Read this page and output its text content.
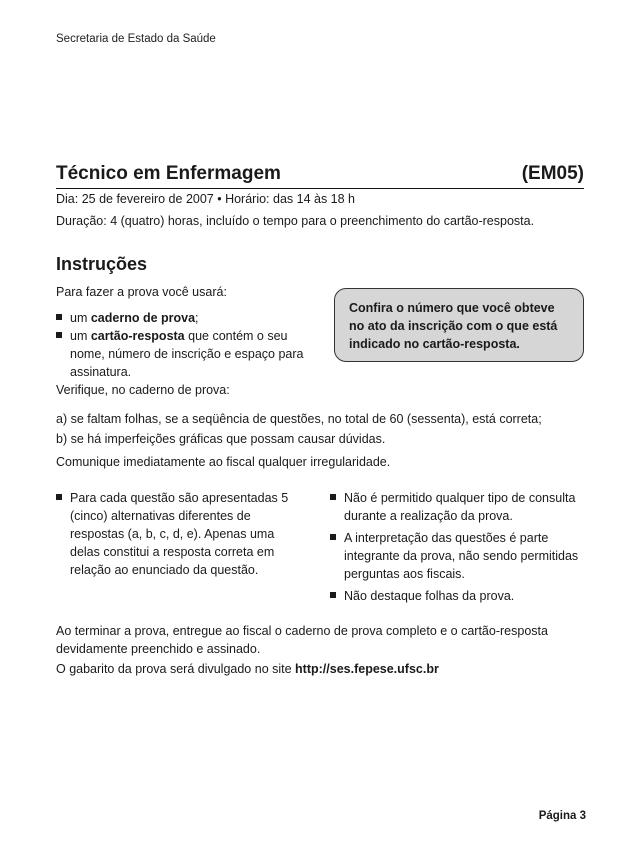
Secretaria de Estado da Saúde
Técnico em Enfermagem	(EM05)
Dia: 25 de fevereiro de 2007 • Horário: das 14 às 18 h
Duração: 4 (quatro) horas, incluído o tempo para o preenchimento do cartão-resposta.
Instruções
Para fazer a prova você usará:
um caderno de prova;
um cartão-resposta que contém o seu nome, número de inscrição e espaço para assinatura.
Confira o número que você obteve no ato da inscrição com o que está indicado no cartão-resposta.
Verifique, no caderno de prova:
a) se faltam folhas, se a seqüência de questões, no total de 60 (sessenta), está correta;
b) se há imperfeições gráficas que possam causar dúvidas.
Comunique imediatamente ao fiscal qualquer irregularidade.
Para cada questão são apresentadas 5 (cinco) alternativas diferentes de respostas (a, b, c, d, e). Apenas uma delas constitui a resposta correta em relação ao enunciado da questão.
Não é permitido qualquer tipo de consulta durante a realização da prova.
A interpretação das questões é parte integrante da prova, não sendo permitidas perguntas aos fiscais.
Não destaque folhas da prova.
Ao terminar a prova, entregue ao fiscal o caderno de prova completo e o cartão-resposta devidamente preenchido e assinado.
O gabarito da prova será divulgado no site http://ses.fepese.ufsc.br
Página 3
